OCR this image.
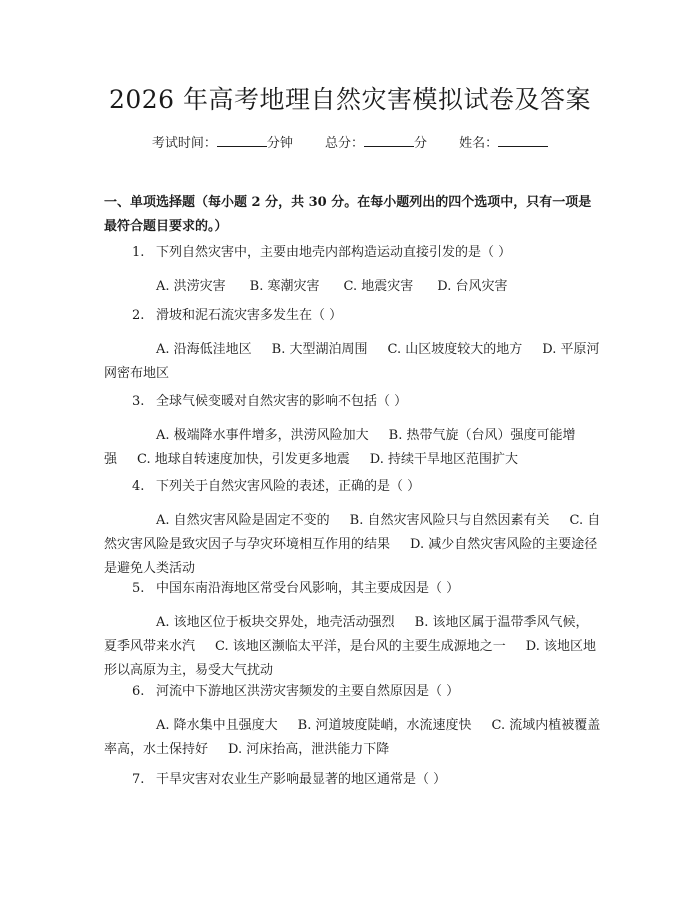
2026 年高考地理自然灾害模拟试卷及答案
考试时间：	分钟 总分：	分 姓名：
一、单项选择题（每小题 2 分，共 30 分。在每小题列出的四个选项中，只有一项是最符合题目要求的。）
1. 下列自然灾害中，主要由地壳内部构造运动直接引发的是（ ）
A. 洪涝灾害 B. 寒潮灾害 C. 地震灾害 D. 台风灾害
2. 滑坡和泥石流灾害多发生在（ ）
A. 沿海低洼地区 B. 大型湖泊周围 C. 山区坡度较大的地方 D. 平原河网密布地区
3. 全球气候变暖对自然灾害的影响不包括（ ）
A. 极端降水事件增多，洪涝风险加大 B. 热带气旋（台风）强度可能增强 C. 地球自转速度加快，引发更多地震 D. 持续干旱地区范围扩大
4. 下列关于自然灾害风险的表述，正确的是（ ）
A. 自然灾害风险是固定不变的 B. 自然灾害风险只与自然因素有关 C. 自然灾害风险是致灾因子与孕灾环境相互作用的结果 D. 减少自然灾害风险的主要途径是避免人类活动
5. 中国东南沿海地区常受台风影响，其主要成因是（ ）
A. 该地区位于板块交界处，地壳活动强烈 B. 该地区属于温带季风气候，夏季风带来水汽 C. 该地区濒临太平洋，是台风的主要生成源地之一 D. 该地区地形以高原为主，易受大气扰动
6. 河流中下游地区洪涝灾害频发的主要自然原因是（ ）
A. 降水集中且强度大 B. 河道坡度陡峭，水流速度快 C. 流域内植被覆盖率高，水土保持好 D. 河床抬高，泄洪能力下降
7. 干旱灾害对农业生产影响最显著的地区通常是（ ）
